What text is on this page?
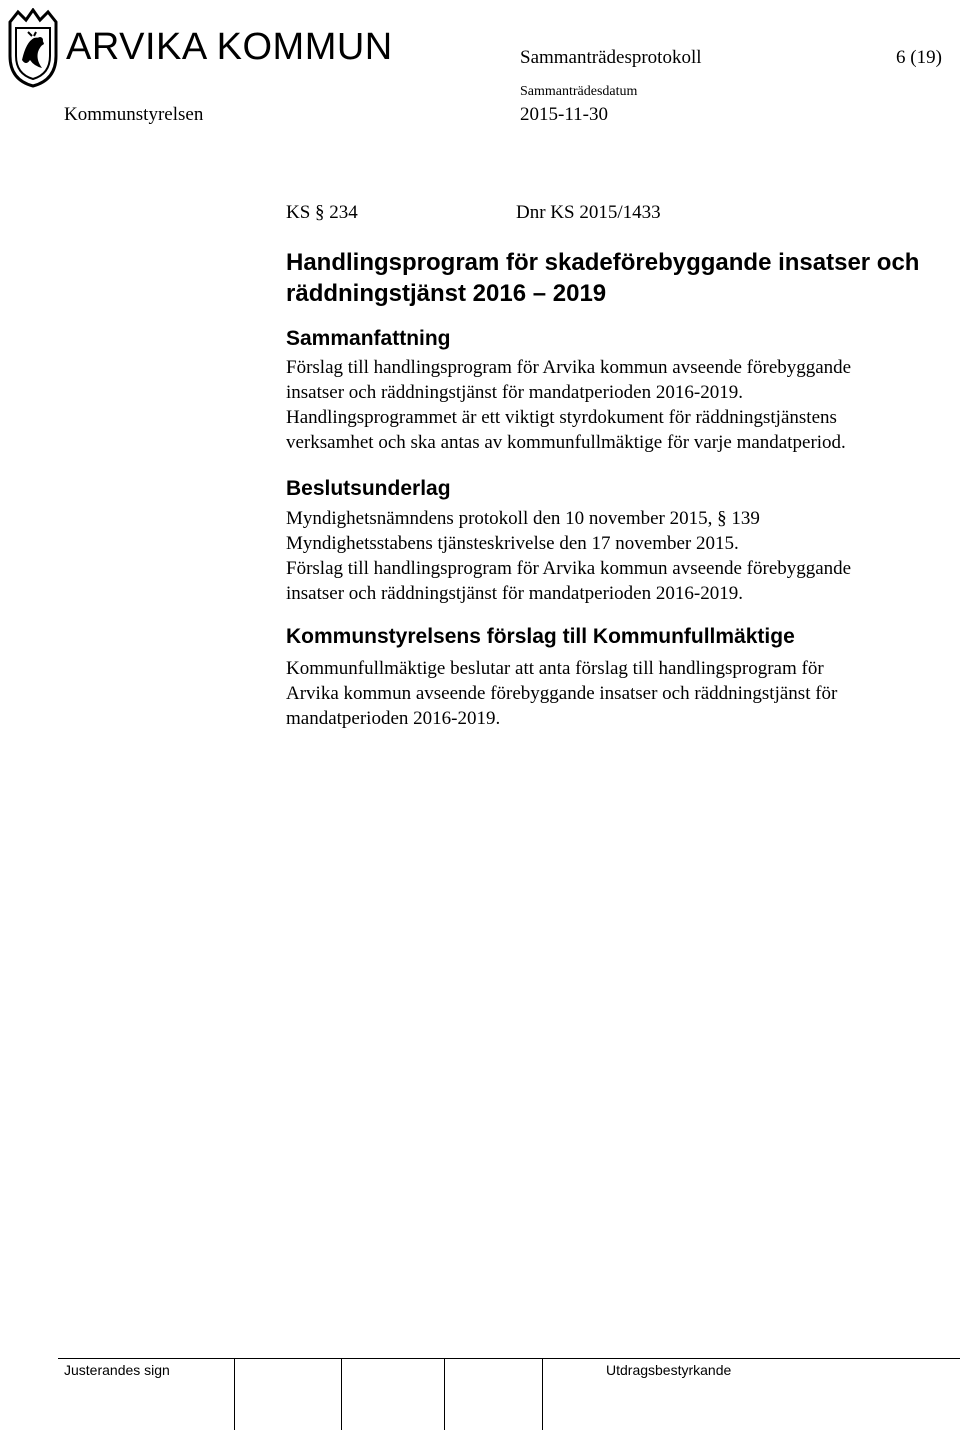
ARVIKA KOMMUN	Sammanträdesprotokoll	6 (19)
Sammanträdesdatum
Kommunstyrelsen	2015-11-30
KS § 234	Dnr KS 2015/1433
Handlingsprogram för skadeförebyggande insatser och
räddningstjänst 2016 – 2019
Sammanfattning
Förslag till handlingsprogram för Arvika kommun avseende förebyggande
insatser och räddningstjänst för mandatperioden 2016-2019.
Handlingsprogrammet är ett viktigt styrdokument för räddningstjänstens
verksamhet och ska antas av kommunfullmäktige för varje mandatperiod.
Beslutsunderlag
Myndighetsnämndens protokoll den 10 november 2015, § 139
Myndighetsstabens tjänsteskrivelse den 17 november 2015.
Förslag till handlingsprogram för Arvika kommun avseende förebyggande
insatser och räddningstjänst för mandatperioden 2016-2019.
Kommunstyrelsens förslag till Kommunfullmäktige
Kommunfullmäktige beslutar att anta förslag till handlingsprogram för
Arvika kommun avseende förebyggande insatser och räddningstjänst för
mandatperioden 2016-2019.
Justerandes sign	Utdragsbestyrkande
